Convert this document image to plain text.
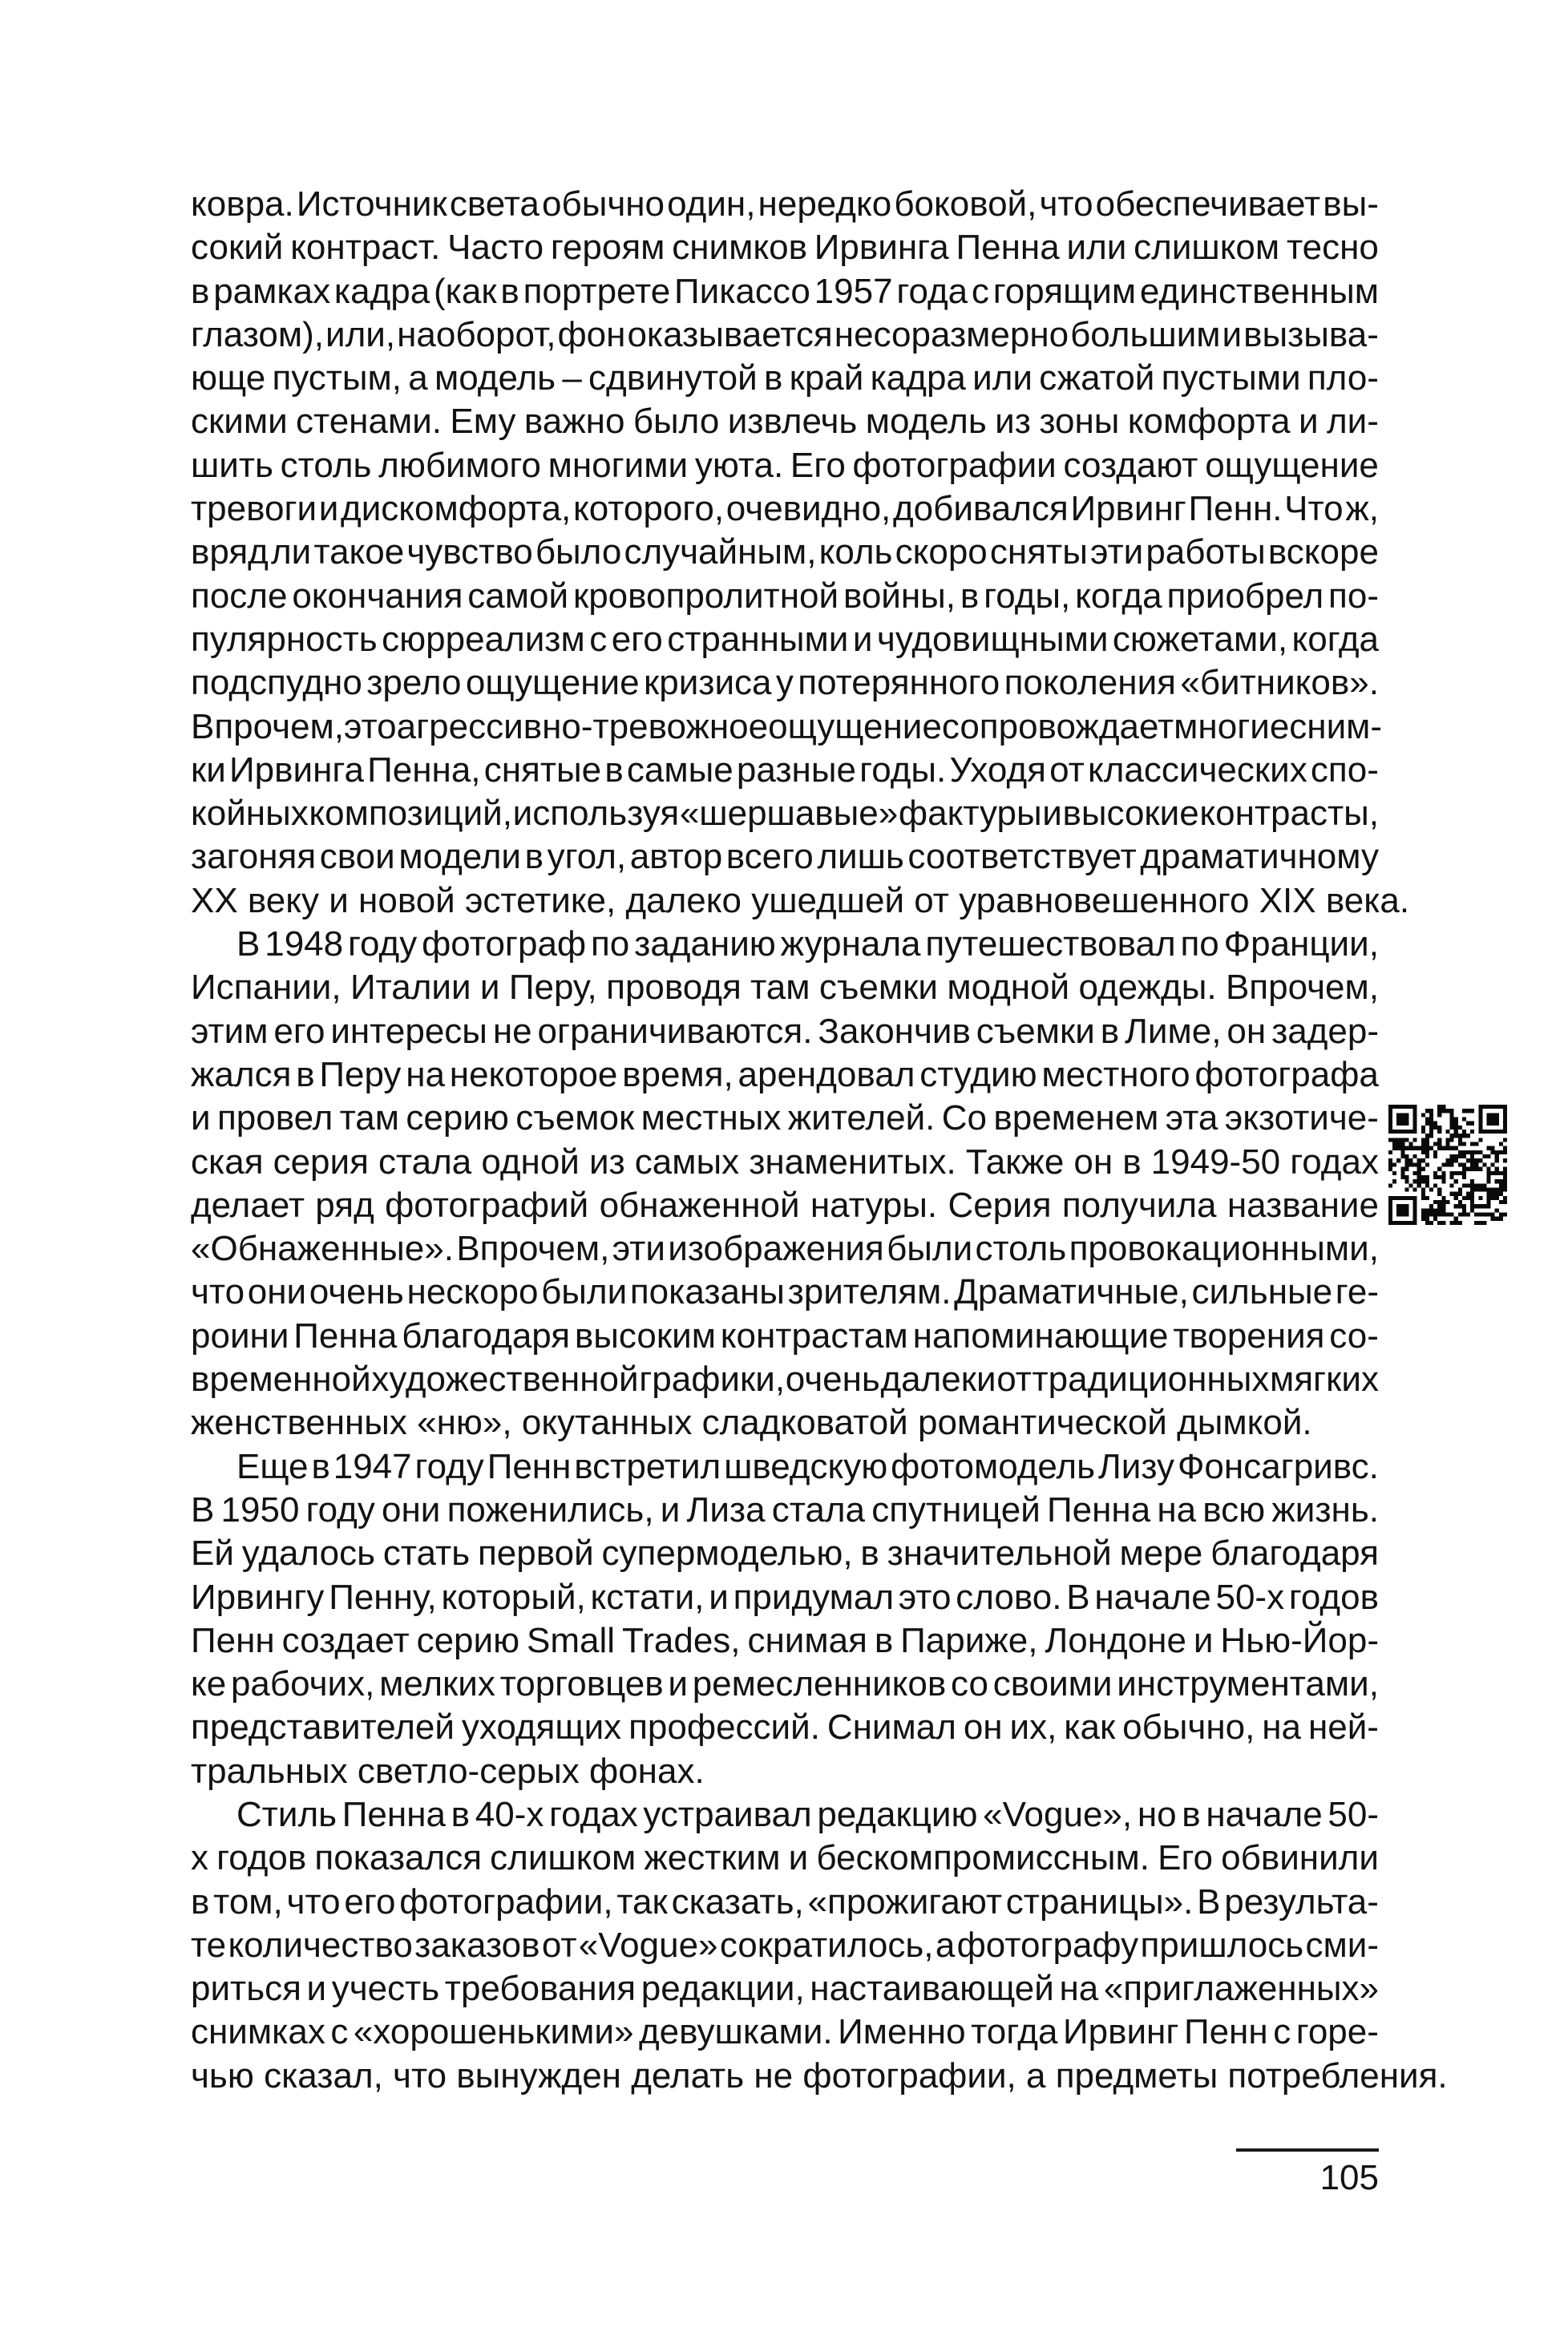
ковра. Источник света обычно один, нередко боковой, что обеспечивает вы-
сокий контраст. Часто героям снимков Ирвинга Пенна или слишком тесно
в рамках кадра (как в портрете Пикассо 1957 года с горящим единственным
глазом), или, наоборот, фон оказывается несоразмерно большим и вызыва-
юще пустым, а модель – сдвинутой в край кадра или сжатой пустыми пло-
скими стенами. Ему важно было извлечь модель из зоны комфорта и ли-
шить столь любимого многими уюта. Его фотографии создают ощущение
тревоги и дискомфорта, которого, очевидно, добивался Ирвинг Пенн. Что ж,
вряд ли такое чувство было случайным, коль скоро сняты эти работы вскоре
после окончания самой кровопролитной войны, в годы, когда приобрел по-
пулярность сюрреализм с его странными и чудовищными сюжетами, когда
подспудно зрело ощущение кризиса у потерянного поколения «битников».
Впрочем, это агрессивно-тревожное ощущение сопровождает многие сним-
ки Ирвинга Пенна, снятые в самые разные годы. Уходя от классических спо-
койных композиций, используя «шершавые» фактуры и высокие контрасты,
загоняя свои модели в угол, автор всего лишь соответствует драматичному
ХХ веку и новой эстетике, далеко ушедшей от уравновешенного XIX века.
В 1948 году фотограф по заданию журнала путешествовал по Франции,
Испании, Италии и Перу, проводя там съемки модной одежды. Впрочем,
этим его интересы не ограничиваются. Закончив съемки в Лиме, он задер-
жался в Перу на некоторое время, арендовал студию местного фотографа
и провел там серию съемок местных жителей. Со временем эта экзотиче-
ская серия стала одной из самых знаменитых. Также он в 1949-50 годах
делает ряд фотографий обнаженной натуры. Серия получила название
«Обнаженные». Впрочем, эти изображения были столь провокационными,
что они очень нескоро были показаны зрителям. Драматичные, сильные ге-
роини Пенна благодаря высоким контрастам напоминающие творения со-
временной художественной графики, очень далеки от традиционных мягких
женственных «ню», окутанных сладковатой романтической дымкой.
Еще в 1947 году Пенн встретил шведскую фотомодель Лизу Фонсагривс.
В 1950 году они поженились, и Лиза стала спутницей Пенна на всю жизнь.
Ей удалось стать первой супермоделью, в значительной мере благодаря
Ирвингу Пенну, который, кстати, и придумал это слово. В начале 50-х годов
Пенн создает серию Small Trades, снимая в Париже, Лондоне и Нью-Йор-
ке рабочих, мелких торговцев и ремесленников со своими инструментами,
представителей уходящих профессий. Снимал он их, как обычно, на ней-
тральных светло-серых фонах.
Стиль Пенна в 40-х годах устраивал редакцию «Vogue», но в начале 50-
х годов показался слишком жестким и бескомпромиссным. Его обвинили
в том, что его фотографии, так сказать, «прожигают страницы». В результа-
те количество заказов от «Vogue» сократилось, а фотографу пришлось сми-
риться и учесть требования редакции, настаивающей на «приглаженных»
снимках с «хорошенькими» девушками. Именно тогда Ирвинг Пенн с горе-
чью сказал, что вынужден делать не фотографии, а предметы потребления.
105
